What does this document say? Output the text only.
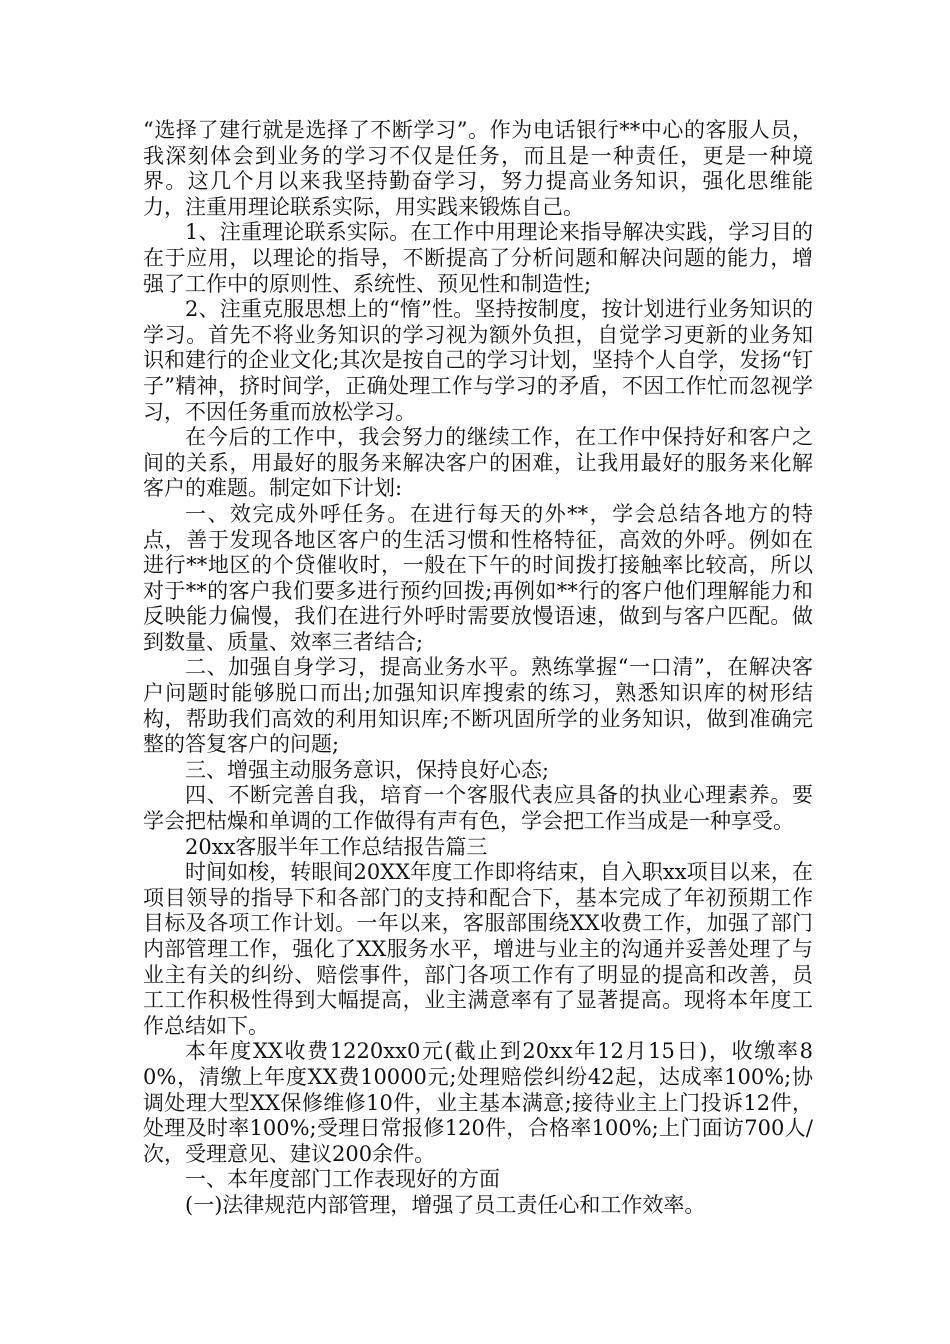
“选择了建行就是选择了不断学习”。作为电话银行**中心的客服人员，我深刻体会到业务的学习不仅是任务，而且是一种责任，更是一种境界。这几个月以来我坚持勤奋学习，努力提高业务知识，强化思维能力，注重用理论联系实际，用实践来锻炼自己。

1、注重理论联系实际。在工作中用理论来指导解决实践，学习目的在于应用，以理论的指导，不断提高了分析问题和解决问题的能力，增强了工作中的原则性、系统性、预见性和制造性;

2、注重克服思想上的“惰”性。坚持按制度，按计划进行业务知识的学习。首先不将业务知识的学习视为额外负担，自觉学习更新的业务知识和建行的企业文化;其次是按自己的学习计划，坚持个人自学，发扬“钉子”精神，挤时间学，正确处理工作与学习的矛盾，不因工作忙而忽视学习，不因任务重而放松学习。

在今后的工作中，我会努力的继续工作，在工作中保持好和客户之间的关系，用最好的服务来解决客户的困难，让我用最好的服务来化解客户的难题。制定如下计划:

一、效完成外呼任务。在进行每天的外**，学会总结各地方的特点，善于发现各地区客户的生活习惯和性格特征，高效的外呼。例如在进行**地区的个贷催收时，一般在下午的时间拨打接触率比较高，所以对于**的客户我们要多进行预约回拨;再例如**行的客户他们理解能力和反映能力偏慢，我们在进行外呼时需要放慢语速，做到与客户匹配。做到数量、质量、效率三者结合;

二、加强自身学习，提高业务水平。熟练掌握“一口清”，在解决客户问题时能够脱口而出;加强知识库搜索的练习，熟悉知识库的树形结构，帮助我们高效的利用知识库;不断巩固所学的业务知识，做到准确完整的答复客户的问题;

三、增强主动服务意识，保持良好心态;

四、不断完善自我，培育一个客服代表应具备的执业心理素养。要学会把枯燥和单调的工作做得有声有色，学会把工作当成是一种享受。

20xx客服半年工作总结报告篇三

时间如梭，转眼间20XX年度工作即将结束，自入职xx项目以来，在项目领导的指导下和各部门的支持和配合下，基本完成了年初预期工作目标及各项工作计划。一年以来，客服部围绕XX收费工作，加强了部门内部管理工作，强化了XX服务水平，增进与业主的沟通并妥善处理了与业主有关的纠纷、赔偿事件，部门各项工作有了明显的提高和改善，员工工作积极性得到大幅提高，业主满意率有了显著提高。现将本年度工作总结如下。

本年度XX收费1220xx0元(截止到20xx年12月15日)，收缴率80%，清缴上年度XX费10000元;处理赔偿纠纷42起，达成率100%;协调处理大型XX保修维修10件，业主基本满意;接待业主上门投诉12件，处理及时率100%;受理日常报修120件，合格率100%;上门面访700人/次，受理意见、建议200余件。

一、本年度部门工作表现好的方面

(一)法律规范内部管理，增强了员工责任心和工作效率。
